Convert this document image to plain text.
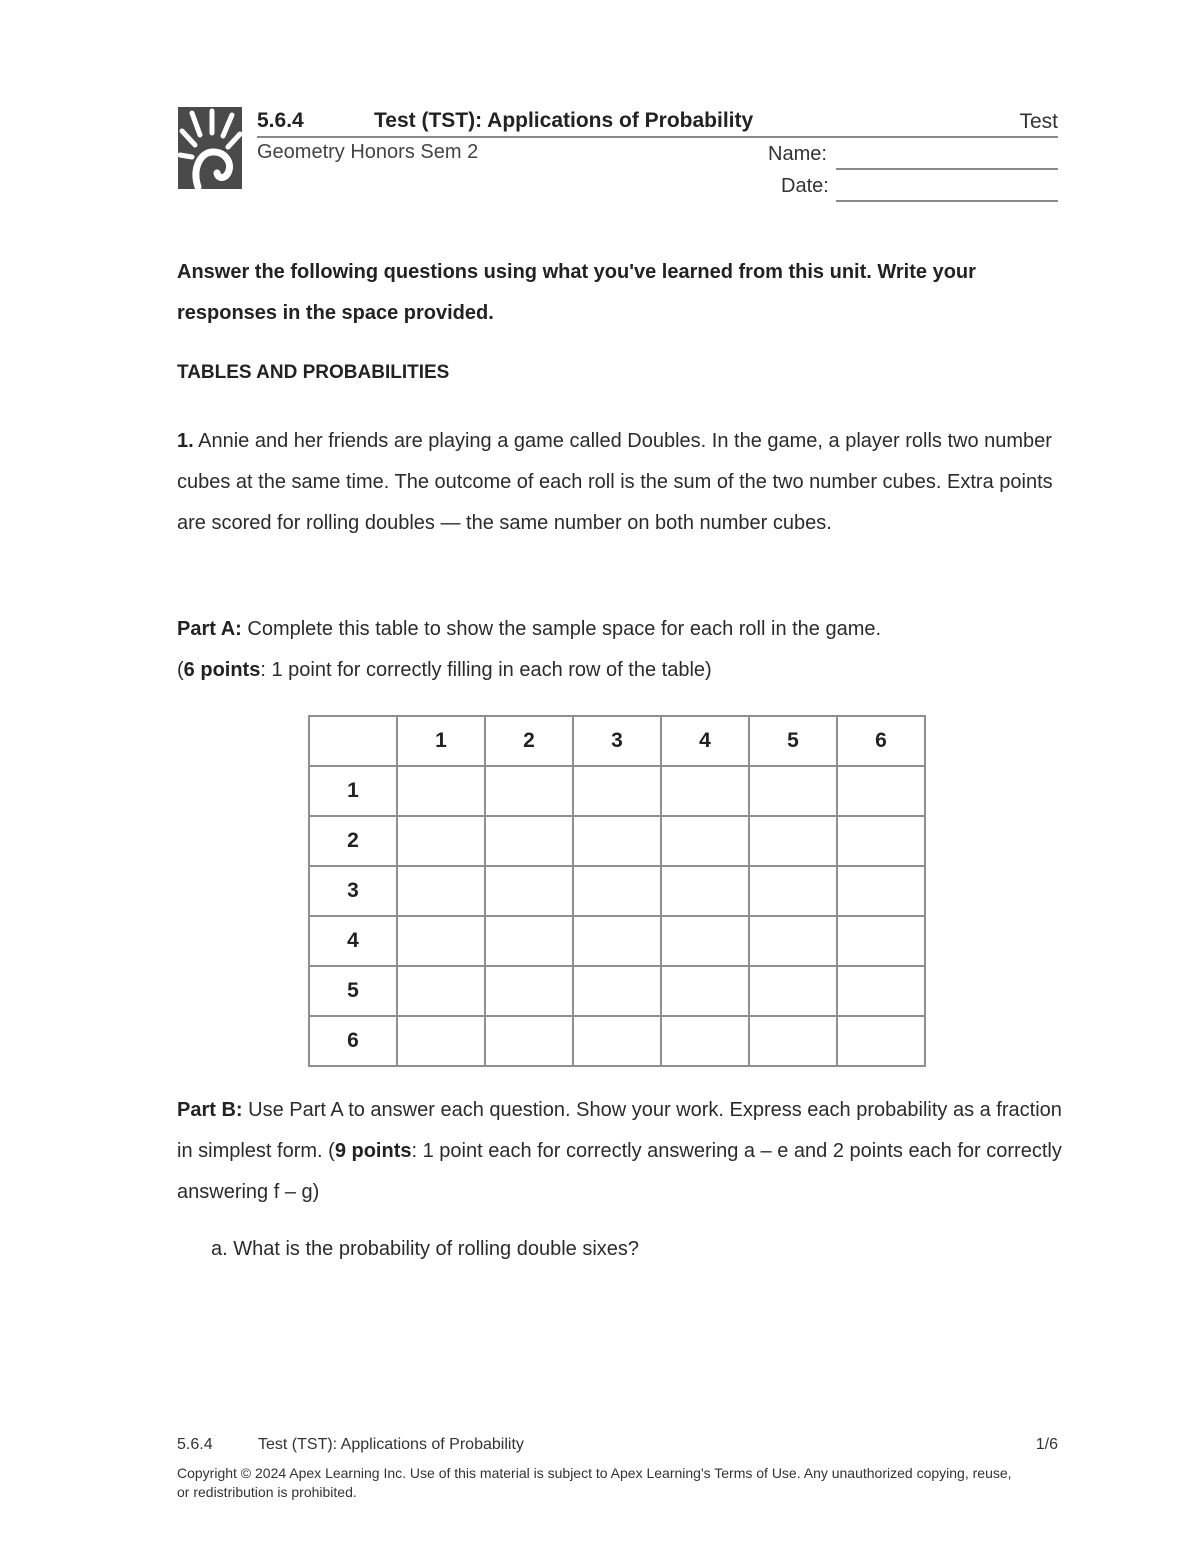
5.6.4	Test (TST): Applications of Probability	Test
Geometry Honors Sem 2	Name:
Date:
Answer the following questions using what you've learned from this unit. Write your responses in the space provided.
TABLES AND PROBABILITIES
1. Annie and her friends are playing a game called Doubles. In the game, a player rolls two number cubes at the same time. The outcome of each roll is the sum of the two number cubes. Extra points are scored for rolling doubles — the same number on both number cubes.
Part A: Complete this table to show the sample space for each roll in the game.
(6 points: 1 point for correctly filling in each row of the table)
	1	2	3	4	5	6
1						
2						
3						
4						
5						
6						
Part B: Use Part A to answer each question. Show your work. Express each probability as a fraction in simplest form. (9 points: 1 point each for correctly answering a – e and 2 points each for correctly answering f – g)
a. What is the probability of rolling double sixes?
5.6.4	Test (TST): Applications of Probability	1/6
Copyright © 2024 Apex Learning Inc. Use of this material is subject to Apex Learning's Terms of Use. Any unauthorized copying, reuse, or redistribution is prohibited.
